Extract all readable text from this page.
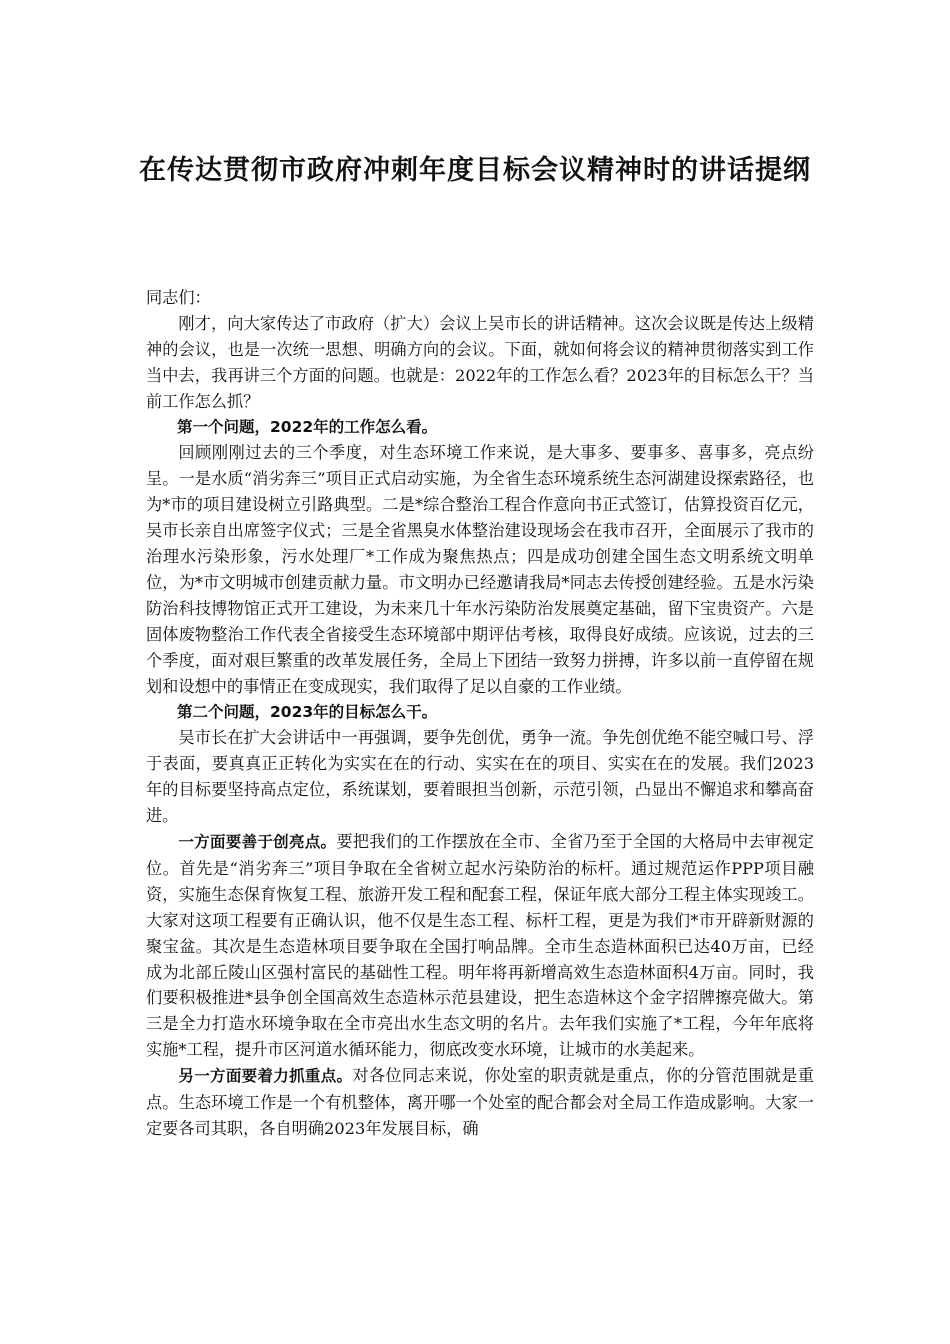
在传达贯彻市政府冲刺年度目标会议精神时的讲话提纲

同志们：

刚才，向大家传达了市政府（扩大）会议上吴市长的讲话精神。这次会议既是传达上级精神的会议，也是一次统一思想、明确方向的会议。下面，就如何将会议的精神贯彻落实到工作当中去，我再讲三个方面的问题。也就是：2022年的工作怎么看？2023年的目标怎么干？当前工作怎么抓？

第一个问题，2022年的工作怎么看。

回顾刚刚过去的三个季度，对生态环境工作来说，是大事多、要事多、喜事多，亮点纷呈。一是水质“消劣奔三”项目正式启动实施，为全省生态环境系统生态河湖建设探索路径，也为*市的项目建设树立引路典型。二是*综合整治工程合作意向书正式签订，估算投资百亿元，吴市长亲自出席签字仪式；三是全省黑臭水体整治建设现场会在我市召开，全面展示了我市的治理水污染形象，污水处理厂*工作成为聚焦热点；四是成功创建全国生态文明系统文明单位，为*市文明城市创建贡献力量。市文明办已经邀请我局*同志去传授创建经验。五是水污染防治科技博物馆正式开工建设，为未来几十年水污染防治发展奠定基础，留下宝贵资产。六是固体废物整治工作代表全省接受生态环境部中期评估考核，取得良好成绩。应该说，过去的三个季度，面对艰巨繁重的改革发展任务，全局上下团结一致努力拼搏，许多以前一直停留在规划和设想中的事情正在变成现实，我们取得了足以自豪的工作业绩。

第二个问题，2023年的目标怎么干。

吴市长在扩大会讲话中一再强调，要争先创优，勇争一流。争先创优绝不能空喊口号、浮于表面，要真真正正转化为实实在在的行动、实实在在的项目、实实在在的发展。我们2023年的目标要坚持高点定位，系统谋划，要着眼担当创新，示范引领，凸显出不懈追求和攀高奋进。

一方面要善于创亮点。要把我们的工作摆放在全市、全省乃至于全国的大格局中去审视定位。首先是“消劣奔三”项目争取在全省树立起水污染防治的标杆。通过规范运作PPP项目融资，实施生态保育恢复工程、旅游开发工程和配套工程，保证年底大部分工程主体实现竣工。大家对这项工程要有正确认识，他不仅是生态工程、标杆工程，更是为我们*市开辟新财源的聚宝盆。其次是生态造林项目要争取在全国打响品牌。全市生态造林面积已达40万亩，已经成为北部丘陵山区强村富民的基础性工程。明年将再新增高效生态造林面积4万亩。同时，我们要积极推进*县争创全国高效生态造林示范县建设，把生态造林这个金字招牌擦亮做大。第三是全力打造水环境争取在全市亮出水生态文明的名片。去年我们实施了*工程，今年年底将实施*工程，提升市区河道水循环能力，彻底改变水环境，让城市的水美起来。

另一方面要着力抓重点。对各位同志来说，你处室的职责就是重点，你的分管范围就是重点。生态环境工作是一个有机整体，离开哪一个处室的配合都会对全局工作造成影响。大家一定要各司其职，各自明确2023年发展目标，确
